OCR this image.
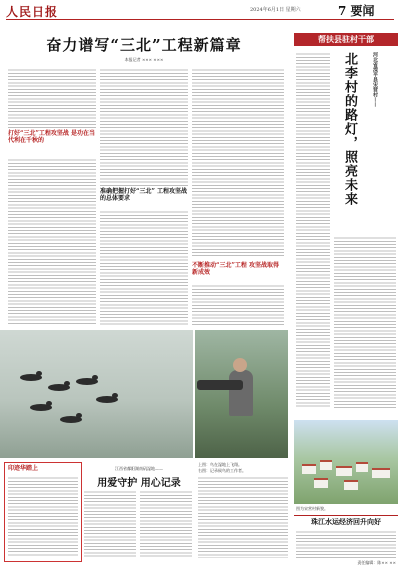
人民日报	2024年6月1日 星期六	7 要闻
奋力谱写“三北”工程新篇章
本报记者 ××× ×××
打好“三北”工程攻坚战 是功在当代利在千秋的
准确把握打好“三北” 工程攻坚战的总体要求
不断推动“三北”工程 攻坚战取得新成效
帮扶县驻村干部
河北省滦平县宋营村——
北李村的路灯，照亮未来
图为宋营村新貌。
珠江水运经济回升向好
上图：鸟在湿地上飞翔。
右图：记录候鸟的工作者。
印迹华踏上	江西省鄱阳湖南矶湿地——
用爱守护 用心记录
责任编辑：陈×× ××
